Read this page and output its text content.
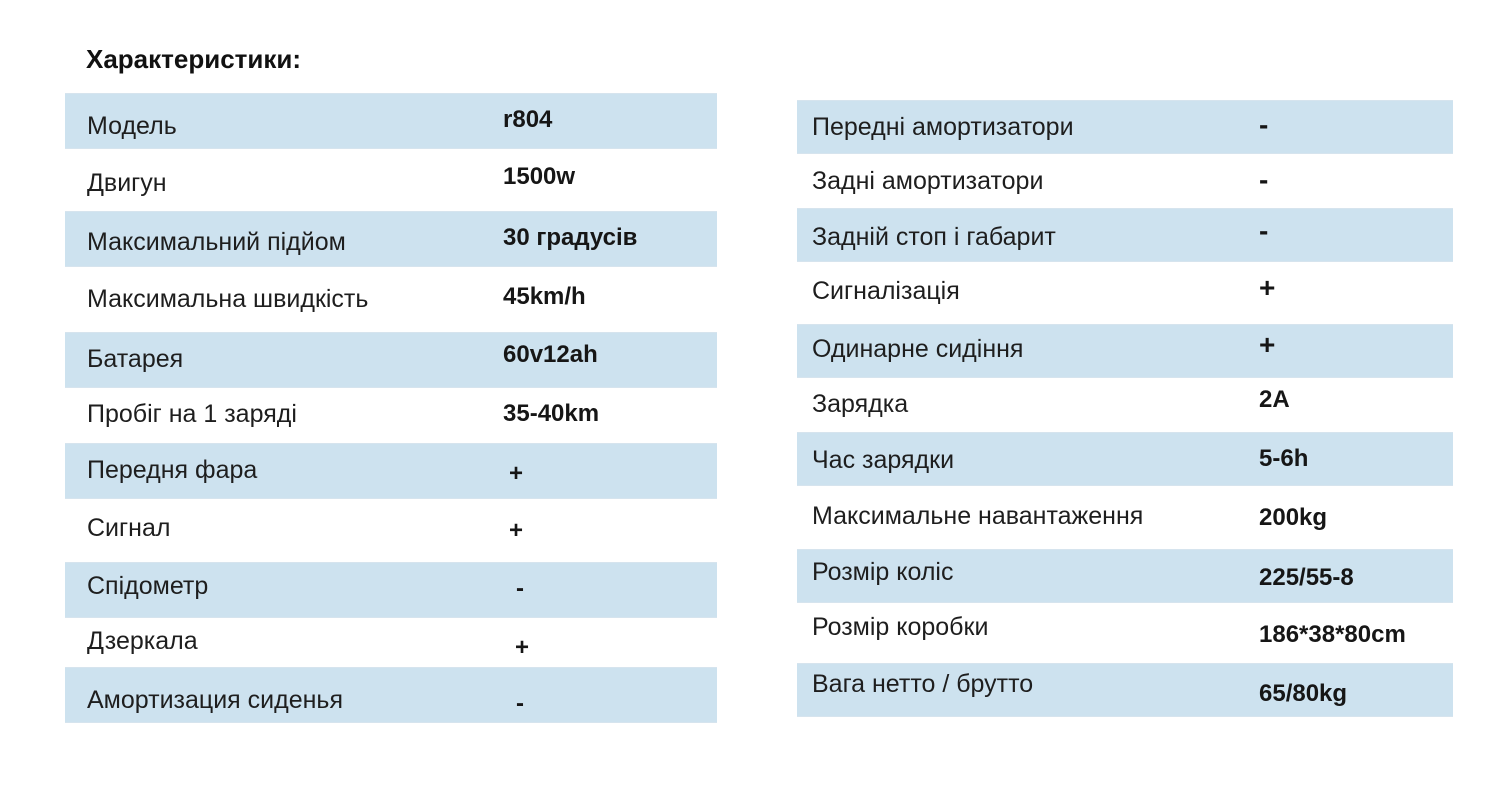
Характеристики:
Модель	r804
Двигун	1500w
Максимальний підйом	30 градусів
Максимальна швидкість	45km/h
Батарея	60v12ah
Пробіг на 1 заряді	35-40km
Передня фара	+
Сигнал	+
Спідометр	-
Дзеркала	+
Амортизация сиденья	-
Передні амортизатори	-
Задні амортизатори	-
Задній стоп і габарит	-
Сигналізація	+
Одинарне сидіння	+
Зарядка	2A
Час зарядки	5-6h
Максимальне навантаження	200kg
Розмір коліс	225/55-8
Розмір коробки	186*38*80cm
Вага нетто / брутто	65/80kg
